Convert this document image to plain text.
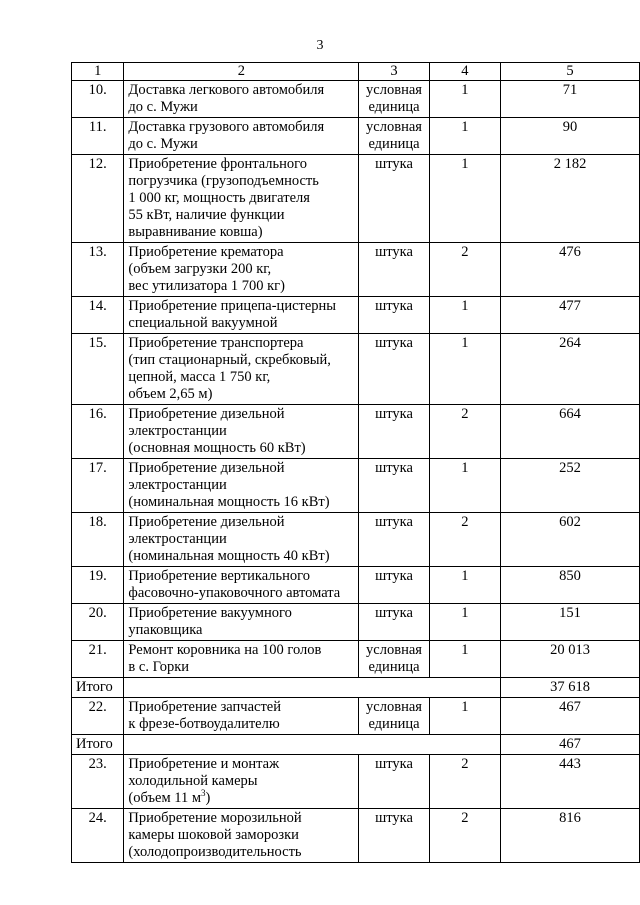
3
1	2	3	4	5
10.	Доставка легкового автомобиля
до с. Мужи	условная
единица	1	71
11.	Доставка грузового автомобиля
до с. Мужи	условная
единица	1	90
12.	Приобретение фронтального
погрузчика (грузоподъемность
1 000 кг, мощность двигателя
55 кВт, наличие функции
выравнивание ковша)	штука	1	2 182
13.	Приобретение крематора
(объем загрузки 200 кг,
вес утилизатора 1 700 кг)	штука	2	476
14.	Приобретение прицепа-цистерны
специальной вакуумной	штука	1	477
15.	Приобретение транспортера
(тип стационарный, скребковый,
цепной, масса 1 750 кг,
объем 2,65 м)	штука	1	264
16.	Приобретение дизельной
электростанции
(основная мощность 60 кВт)	штука	2	664
17.	Приобретение дизельной
электростанции
(номинальная мощность 16 кВт)	штука	1	252
18.	Приобретение дизельной
электростанции
(номинальная мощность 40 кВт)	штука	2	602
19.	Приобретение вертикального
фасовочно-упаковочного автомата	штука	1	850
20.	Приобретение вакуумного
упаковщика	штука	1	151
21.	Ремонт коровника на 100 голов
в с. Горки	условная
единица	1	20 013
Итого				37 618
22.	Приобретение запчастей
к фрезе-ботвоудалителю	условная
единица	1	467
Итого				467
23.	Приобретение и монтаж
холодильной камеры
(объем 11 $м^3$)	штука	2	443
24.	Приобретение морозильной
камеры шоковой заморозки
(холодопроизводительность	штука	2	816
